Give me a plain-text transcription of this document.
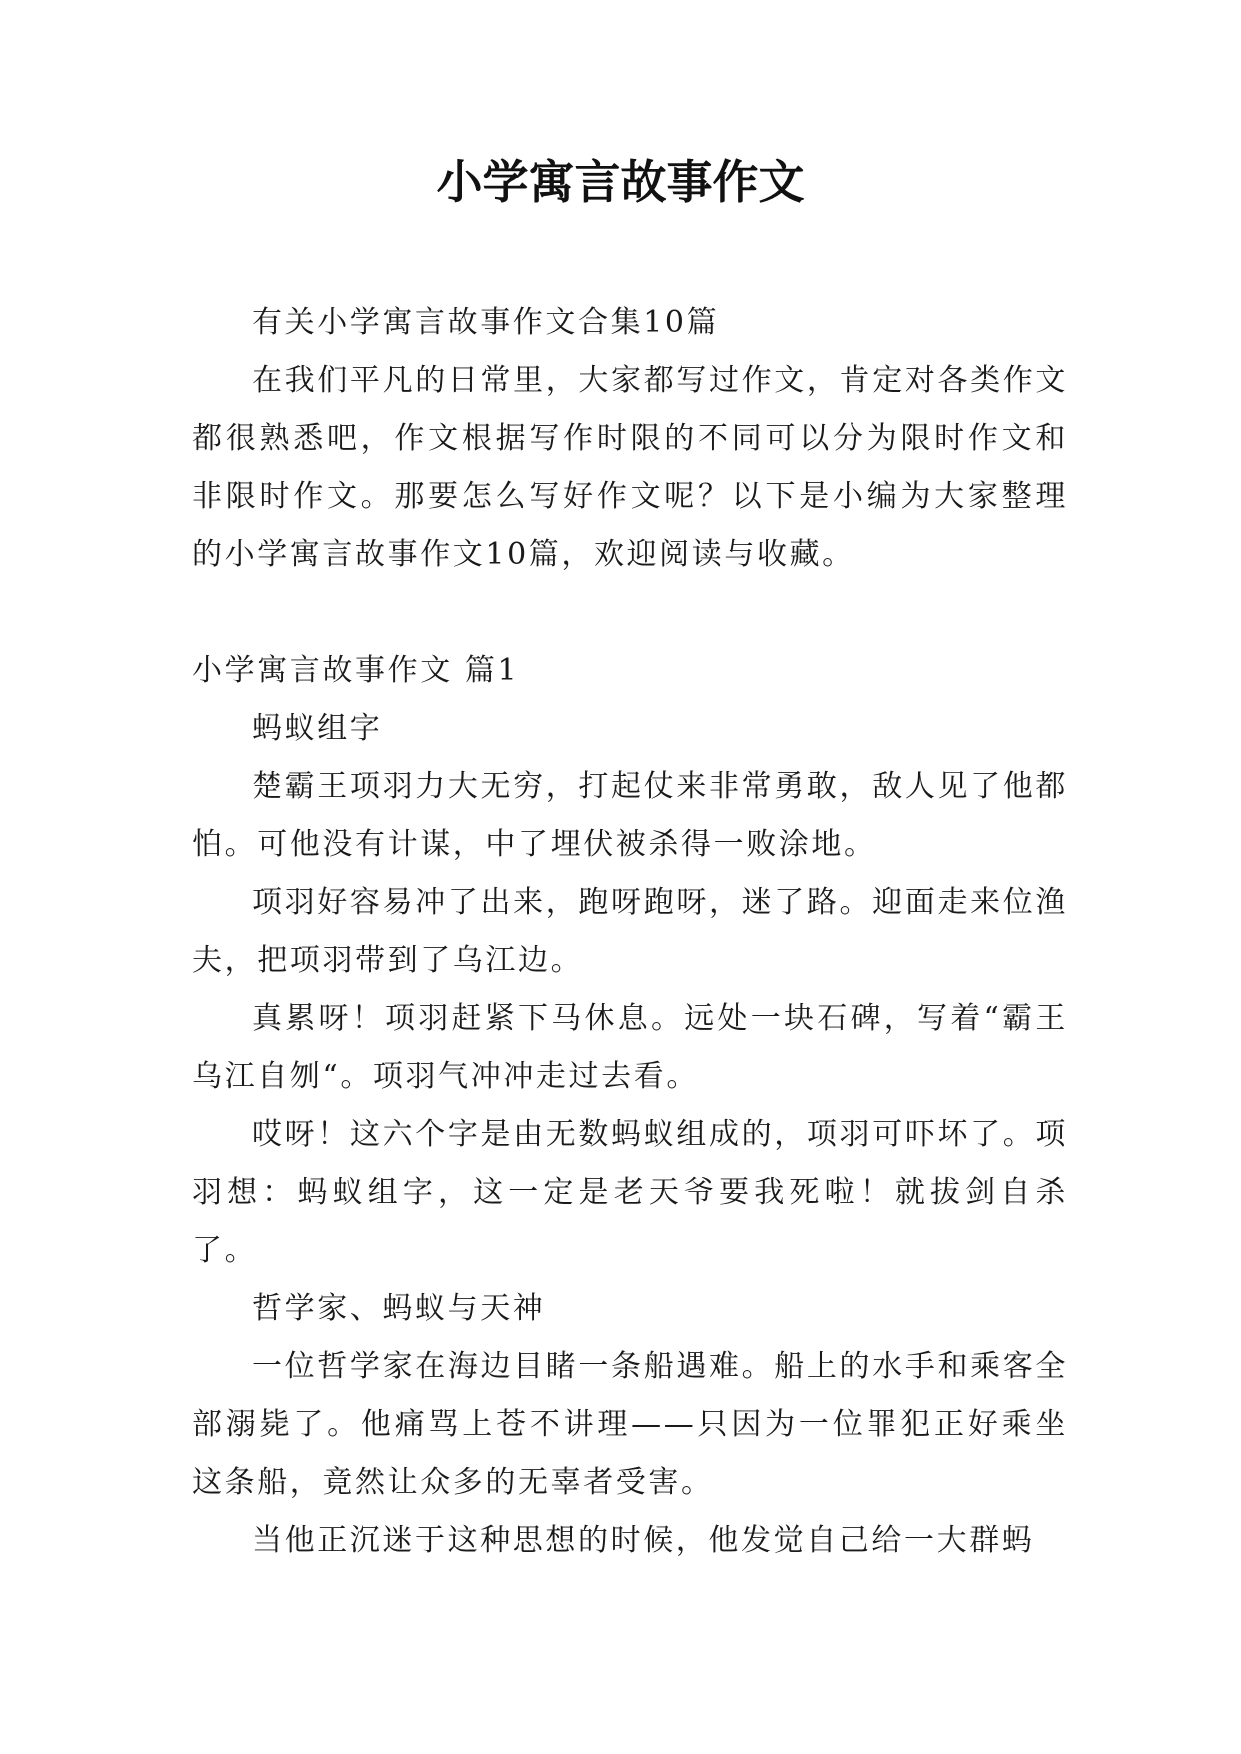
小学寓言故事作文

有关小学寓言故事作文合集10篇

在我们平凡的日常里，大家都写过作文，肯定对各类作文都很熟悉吧，作文根据写作时限的不同可以分为限时作文和非限时作文。那要怎么写好作文呢？以下是小编为大家整理的小学寓言故事作文10篇，欢迎阅读与收藏。

小学寓言故事作文 篇1

蚂蚁组字

楚霸王项羽力大无穷，打起仗来非常勇敢，敌人见了他都怕。可他没有计谋，中了埋伏被杀得一败涂地。

项羽好容易冲了出来，跑呀跑呀，迷了路。迎面走来位渔夫，把项羽带到了乌江边。

真累呀！项羽赶紧下马休息。远处一块石碑，写着“霸王乌江自刎“。项羽气冲冲走过去看。

哎呀！这六个字是由无数蚂蚁组成的，项羽可吓坏了。项羽想：蚂蚁组字，这一定是老天爷要我死啦！就拔剑自杀了。

哲学家、蚂蚁与天神

一位哲学家在海边目睹一条船遇难。船上的水手和乘客全部溺毙了。他痛骂上苍不讲理——只因为一位罪犯正好乘坐这条船，竟然让众多的无辜者受害。

当他正沉迷于这种思想的时候，他发觉自己给一大群蚂
